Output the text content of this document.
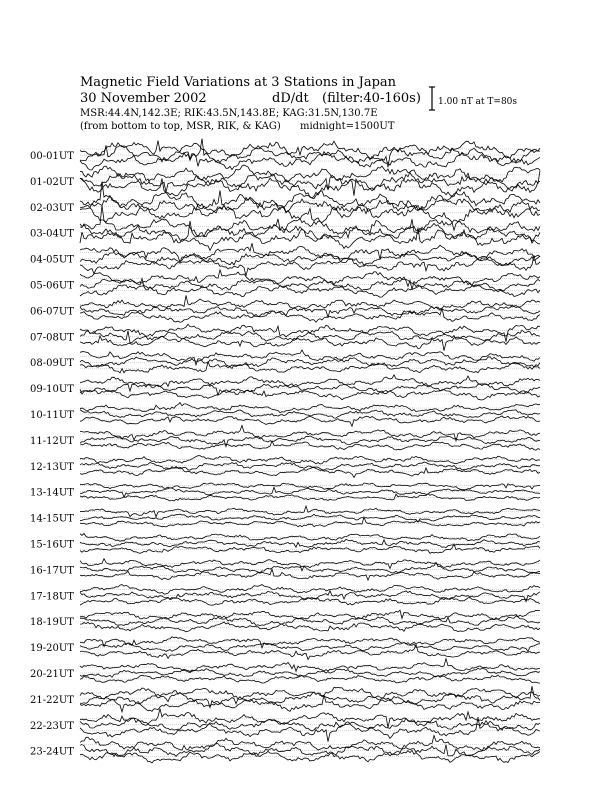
Magnetic Field Variations at 3 Stations in Japan
30 November 2002	dD/dt (filter:40-160s)
MSR:44.4N,142.3E; RIK:43.5N,143.8E; KAG:31.5N,130.7E
(from bottom to top, MSR, RIK, & KAG) midnight=1500UT
1.00 nT at T=80s
00-01UT
01-02UT
02-03UT
03-04UT
04-05UT
05-06UT
06-07UT
07-08UT
08-09UT
09-10UT
10-11UT
11-12UT
12-13UT
13-14UT
14-15UT
15-16UT
16-17UT
17-18UT
18-19UT
19-20UT
20-21UT
21-22UT
22-23UT
23-24UT
